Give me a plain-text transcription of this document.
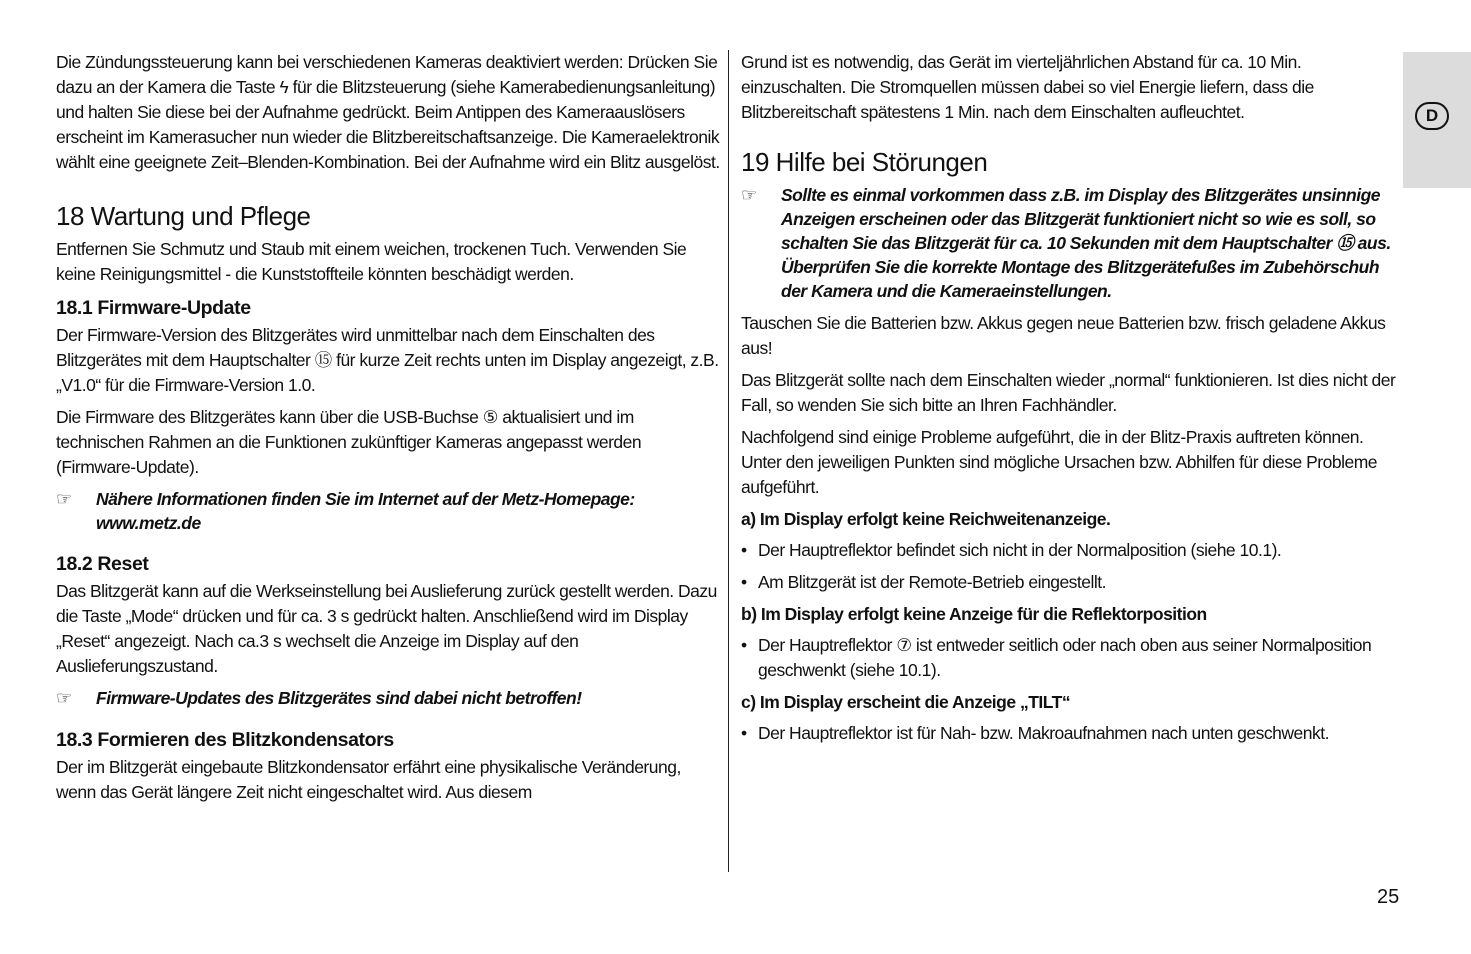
D

Die Zündungssteuerung kann bei verschiedenen Kameras deaktiviert werden: Drücken Sie dazu an der Kamera die Taste ϟ für die Blitzsteuerung (siehe Kamerabedienungsanleitung) und halten Sie diese bei der Aufnahme gedrückt. Beim Antippen des Kameraauslösers erscheint im Kamerasucher nun wieder die Blitzbereitschaftsanzeige. Die Kameraelektronik wählt eine geeignete Zeit–Blenden-Kombination. Bei der Aufnahme wird ein Blitz ausgelöst.

18 Wartung und Pflege

Entfernen Sie Schmutz und Staub mit einem weichen, trockenen Tuch. Verwenden Sie keine Reinigungsmittel - die Kunststoffteile könnten beschädigt werden.

18.1 Firmware-Update

Der Firmware-Version des Blitzgerätes wird unmittelbar nach dem Einschalten des Blitzgerätes mit dem Hauptschalter ⑮ für kurze Zeit rechts unten im Display angezeigt, z.B. „V1.0“ für die Firmware-Version 1.0.

Die Firmware des Blitzgerätes kann über die USB-Buchse ⑤ aktualisiert und im technischen Rahmen an die Funktionen zukünftiger Kameras angepasst werden (Firmware-Update).

☞	Nähere Informationen finden Sie im Internet auf der Metz-Homepage: www.metz.de
18.2 Reset

Das Blitzgerät kann auf die Werkseinstellung bei Auslieferung zurück gestellt werden. Dazu die Taste „Mode“ drücken und für ca. 3 s gedrückt halten. Anschließend wird im Display „Reset“ angezeigt. Nach ca.3 s wechselt die Anzeige im Display auf den Auslieferungszustand.

☞	Firmware-Updates des Blitzgerätes sind dabei nicht betroffen!
18.3 Formieren des Blitzkondensators

Der im Blitzgerät eingebaute Blitzkondensator erfährt eine physikalische Veränderung, wenn das Gerät längere Zeit nicht eingeschaltet wird. Aus diesem

Grund ist es notwendig, das Gerät im vierteljährlichen Abstand für ca. 10 Min. einzuschalten. Die Stromquellen müssen dabei so viel Energie liefern, dass die Blitzbereitschaft spätestens 1 Min. nach dem Einschalten aufleuchtet.

19 Hilfe bei Störungen
☞	Sollte es einmal vorkommen dass z.B. im Display des Blitzgerätes unsinnige Anzeigen erscheinen oder das Blitzgerät funktioniert nicht so wie es soll, so schalten Sie das Blitzgerät für ca. 10 Sekunden mit dem Hauptschalter ⑮ aus. Überprüfen Sie die korrekte Montage des Blitzgerätefußes im Zubehörschuh der Kamera und die Kameraeinstellungen.

Tauschen Sie die Batterien bzw. Akkus gegen neue Batterien bzw. frisch geladene Akkus aus!

Das Blitzgerät sollte nach dem Einschalten wieder „normal“ funktionieren. Ist dies nicht der Fall, so wenden Sie sich bitte an Ihren Fachhändler.

Nachfolgend sind einige Probleme aufgeführt, die in der Blitz-Praxis auftreten können. Unter den jeweiligen Punkten sind mögliche Ursachen bzw. Abhilfen für diese Probleme aufgeführt.

a) Im Display erfolgt keine Reichweitenanzeige.
• Der Hauptreflektor befindet sich nicht in der Normalposition (siehe 10.1).
• Am Blitzgerät ist der Remote-Betrieb eingestellt.
b) Im Display erfolgt keine Anzeige für die Reflektorposition
• Der Hauptreflektor ⑦ ist entweder seitlich oder nach oben aus seiner Normalposition geschwenkt (siehe 10.1).
c) Im Display erscheint die Anzeige „TILT“
• Der Hauptreflektor ist für Nah- bzw. Makroaufnahmen nach unten geschwenkt.
25
